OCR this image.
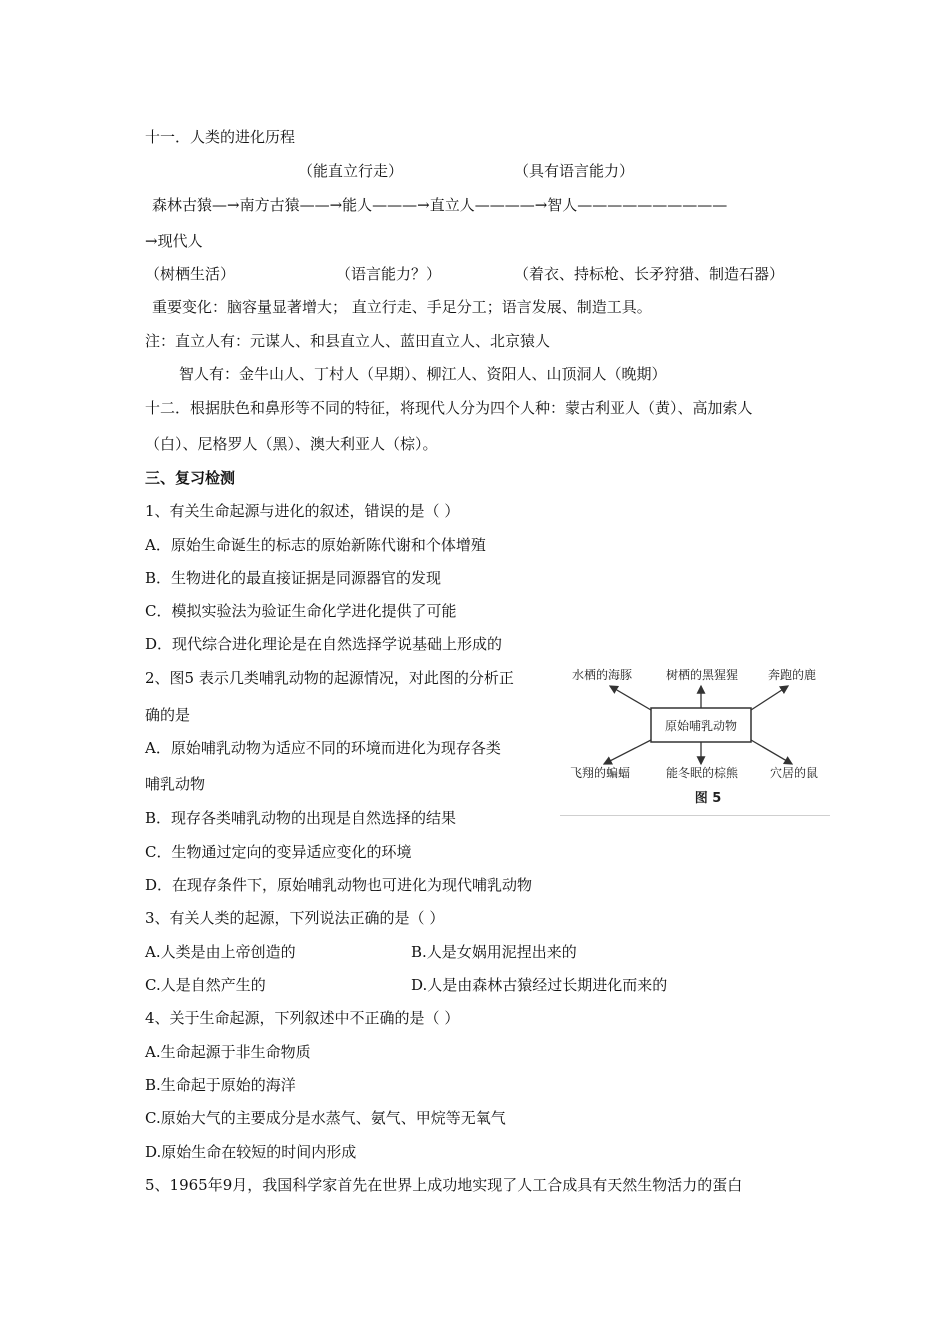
十一．人类的进化历程
（能直立行走）	（具有语言能力）
森林古猿—→南方古猿——→能人———→直立人————→智人——————————
→现代人
（树栖生活）	（语言能力？）	（着衣、持标枪、长矛狩猎、制造石器）
重要变化：脑容量显著增大； 直立行走、手足分工；语言发展、制造工具。
注：直立人有：元谋人、和县直立人、蓝田直立人、北京猿人
智人有：金牛山人、丁村人（早期）、柳江人、资阳人、山顶洞人（晚期）
十二．根据肤色和鼻形等不同的特征，将现代人分为四个人种：蒙古利亚人（黄）、高加索人
（白）、尼格罗人（黑）、澳大利亚人（棕）。
三、复习检测
1、有关生命起源与进化的叙述，错误的是（ ）
A．原始生命诞生的标志的原始新陈代谢和个体增殖
B．生物进化的最直接证据是同源器官的发现
C．模拟实验法为验证生命化学进化提供了可能
D．现代综合进化理论是在自然选择学说基础上形成的
2、图5 表示几类哺乳动物的起源情况，对此图的分析正
确的是
A．原始哺乳动物为适应不同的环境而进化为现存各类
哺乳动物
B．现存各类哺乳动物的出现是自然选择的结果
C．生物通过定向的变异适应变化的环境
D．在现存条件下，原始哺乳动物也可进化为现代哺乳动物
3、有关人类的起源，下列说法正确的是（ ）
A.人类是由上帝创造的	B.人是女娲用泥捏出来的
C.人是自然产生的	D.人是由森林古猿经过长期进化而来的
4、关于生命起源，下列叙述中不正确的是（ ）
A.生命起源于非生命物质
B.生命起于原始的海洋
C.原始大气的主要成分是水蒸气、氨气、甲烷等无氧气
D.原始生命在较短的时间内形成
5、1965年9月，我国科学家首先在世界上成功地实现了人工合成具有天然生物活力的蛋白
水栖的海豚	树栖的黑猩猩 奔跑的鹿
原始哺乳动物
飞翔的蝙蝠	能冬眠的棕熊	穴居的鼠
图 5
